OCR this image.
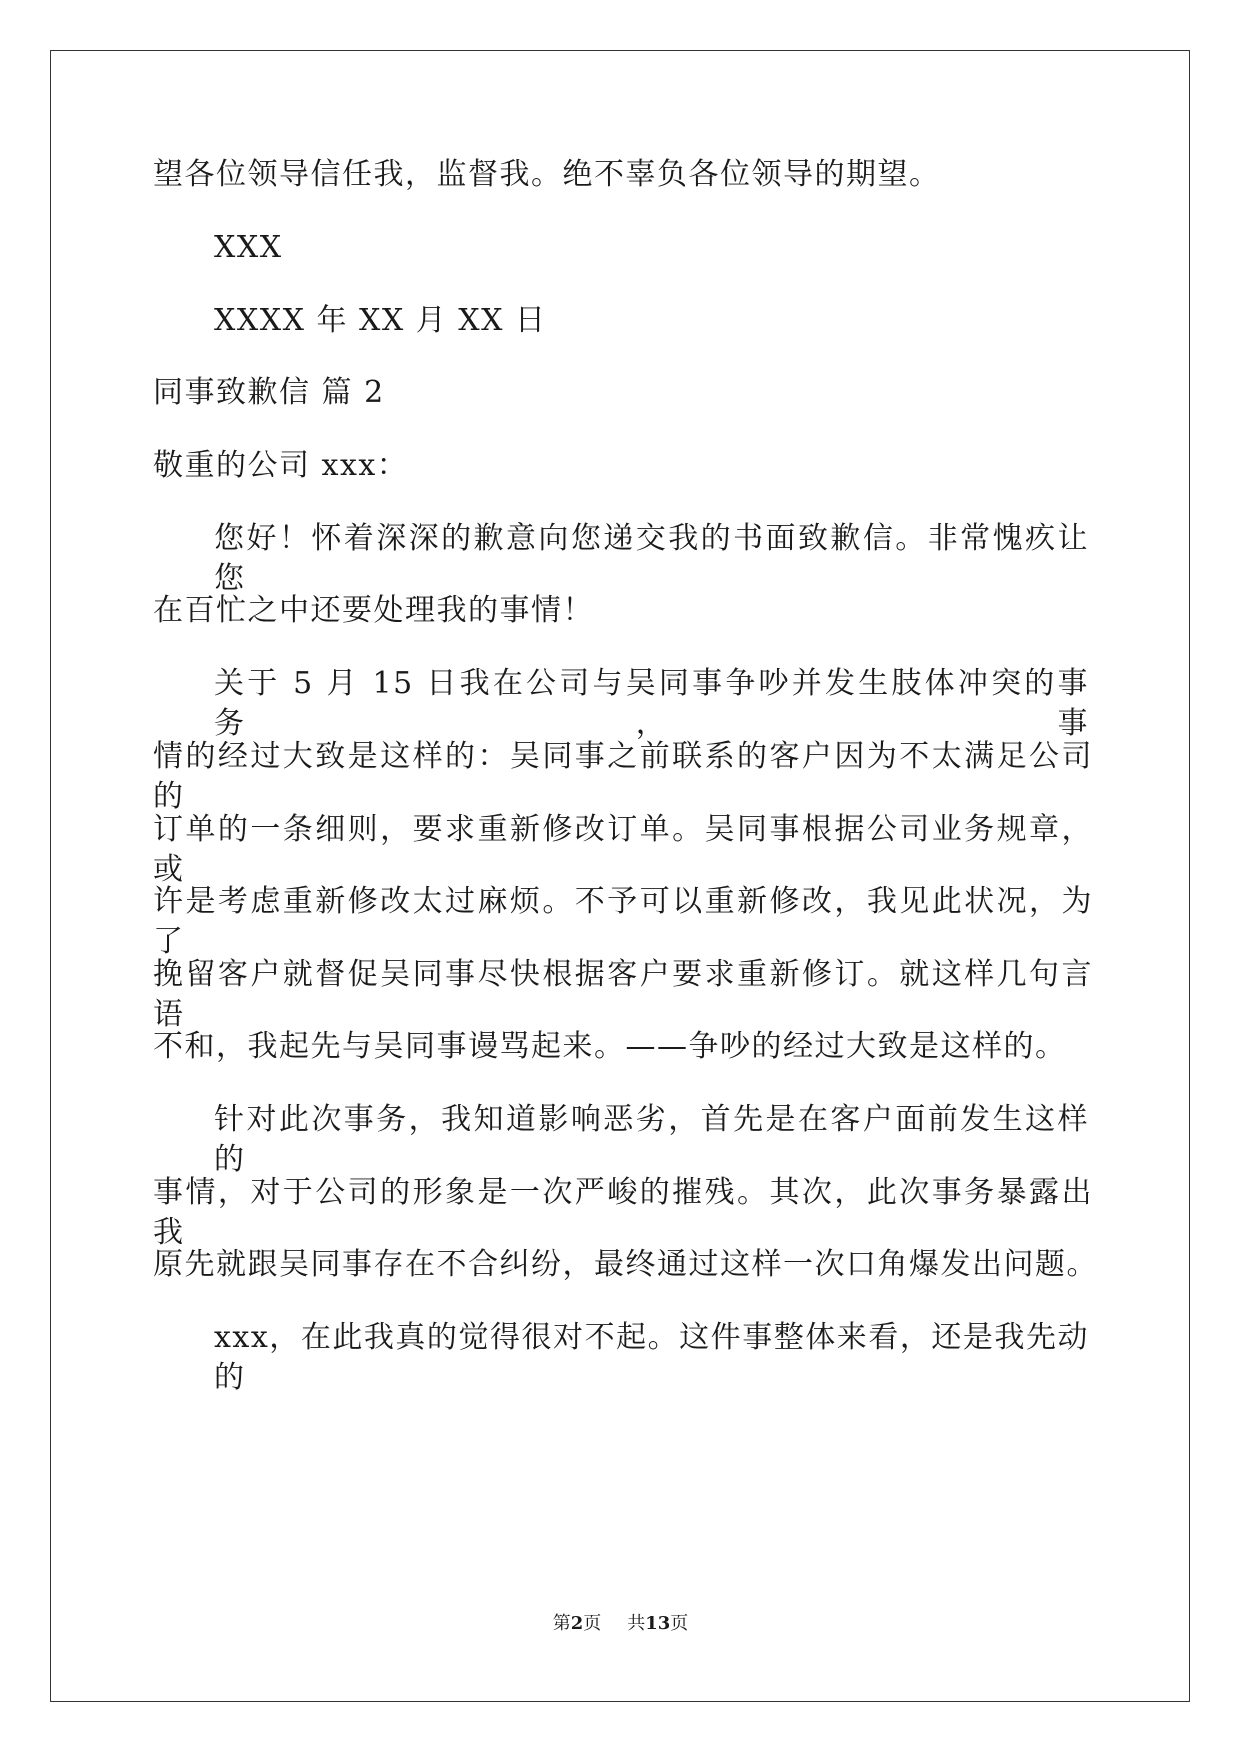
望各位领导信任我，监督我。绝不辜负各位领导的期望。
XXX
XXXX 年 XX 月 XX 日
同事致歉信 篇 2
敬重的公司 xxx：
您好！怀着深深的歉意向您递交我的书面致歉信。非常愧疚让您
在百忙之中还要处理我的事情！
关于 5 月 15 日我在公司与吴同事争吵并发生肢体冲突的事务，事
情的经过大致是这样的：吴同事之前联系的客户因为不太满足公司的
订单的一条细则，要求重新修改订单。吴同事根据公司业务规章，或
许是考虑重新修改太过麻烦。不予可以重新修改，我见此状况，为了
挽留客户就督促吴同事尽快根据客户要求重新修订。就这样几句言语
不和，我起先与吴同事谩骂起来。——争吵的经过大致是这样的。
针对此次事务，我知道影响恶劣，首先是在客户面前发生这样的
事情，对于公司的形象是一次严峻的摧残。其次，此次事务暴露出我
原先就跟吴同事存在不合纠纷，最终通过这样一次口角爆发出问题。
xxx，在此我真的觉得很对不起。这件事整体来看，还是我先动的
第2页 共13页
